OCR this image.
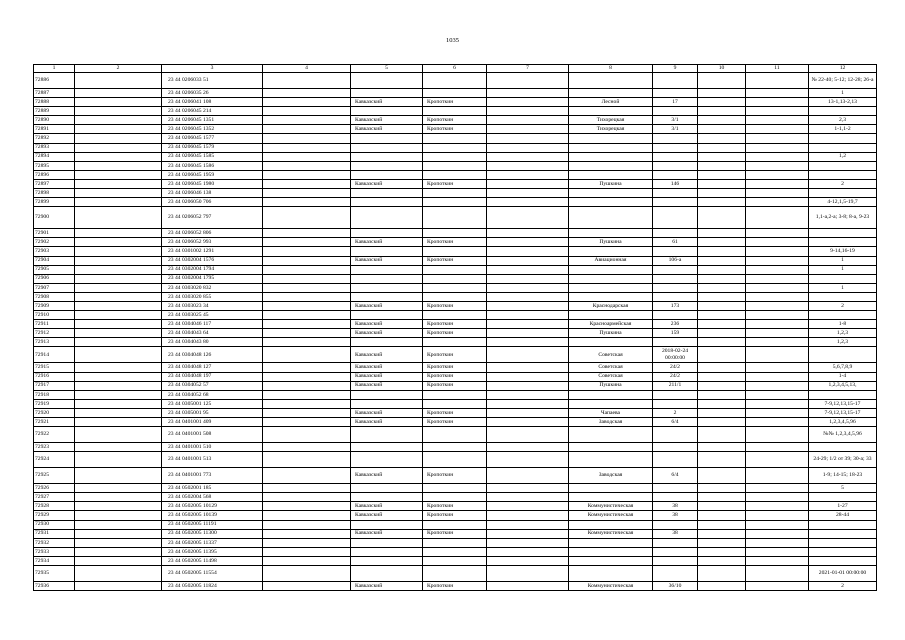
1035
1	2	3	4	5	6	7	8	9	10	11	12
72886		23 44 0206033 51									№ 22-40; 5-12; 12-28; 26-а
72887		23 44 0206035 26									1
72888		23 44 0206041 108		Кавказский	Кропоткин		Лесной	17			13-1,13-2,13
72889		23 44 0206045 214									
72890		23 44 0206045 1351		Кавказский	Кропоткин		Тихорецкая	3/1			2,3
72891		23 44 0206045 1352		Кавказский	Кропоткин		Тихорецкая	3/1			1-1,1-2
72892		23 44 0206045 1577									
72893		23 44 0206045 1579									
72894		23 44 0206045 1585									1,2
72895		23 44 0206045 1586									
72896		23 44 0206045 1959									
72897		23 44 0206045 1980		Кавказский	Кропоткин		Пушкина	146			2
72898		23 44 0206046 138									
72899		23 44 0206050 706									4-12,1,5-19,7
72900		23 44 0206052 797									1,1-а,2-а; 3-8; 8-а, 9-23
72901		23 44 0206052 806									
72902		23 44 0206052 993		Кавказский	Кропоткин		Пушкина	61			
72903		23 44 0301002 1291									9-14,16-19
72904		23 44 0302004 1576		Кавказский	Кропоткин		Авиационная	106-а			1
72905		23 44 0302004 1794									1
72906		23 44 0302004 1795									
72907		23 44 0303020 832									1
72908		23 44 0303020 855									
72909		23 44 0303023 34		Кавказский	Кропоткин		Краснодарская	173			2
72910		23 44 0303025 45									
72911		23 44 0304046 117		Кавказский	Кропоткин		Красноармейская	236			1-8
72912		23 44 0304043 64		Кавказский	Кропоткин		Пушкина	159			1,2,3
72913		23 44 0304043 80									1,2,3
72914		23 44 0304048 126		Кавказский	Кропоткин		Советская	2018-02-24 00:00:00			
72915		23 44 0304048 127		Кавказский	Кропоткин		Советская	24/2			5,6,7,8,9
72916		23 44 0304048 197		Кавказский	Кропоткин		Советская	24/2			1-4
72917		23 44 0304052 57		Кавказский	Кропоткин		Пушкина	211/1			1,2,3,4,5,13,
72918		23 44 0304052 68									
72919		23 44 0305001 125									7-9,12,13,15-17
72920		23 44 0305001 95		Кавказский	Кропоткин		Чапаева	2			7-9,12,13,15-17
72921		23 44 0401001 409		Кавказский	Кропоткин		Заводская	6/4			1,2,3,4,5,96
72922		23 44 0401001 508									№№ 1,2,3,4,5,96
72923		23 44 0401001 510									
72924		23 44 0401001 513									24-29; 1/2 от 39; 30-а; 33
72925		23 44 0401001 773		Кавказский	Кропоткин		Заводская	6/4			1-9; 14-15; 18-23
72926		23 44 0502001 185									5
72927		23 44 0502004 568									
72928		23 44 0502005 10129		Кавказский	Кропоткин		Коммунистическая	38			1-27
72929		23 44 0502005 10139		Кавказский	Кропоткин		Коммунистическая	38			28-44
72930		23 44 0502005 11191									
72931		23 44 0502005 11300		Кавказский	Кропоткин		Коммунистическая	38			
72932		23 44 0502005 11337									
72933		23 44 0502005 11395									
72934		23 44 0502005 11498									
72935		23 44 0502005 11554									2021-01-01 00:00:00
72936		23 44 0502005 11824		Кавказский	Кропоткин		Коммунистическая	36/10			2
